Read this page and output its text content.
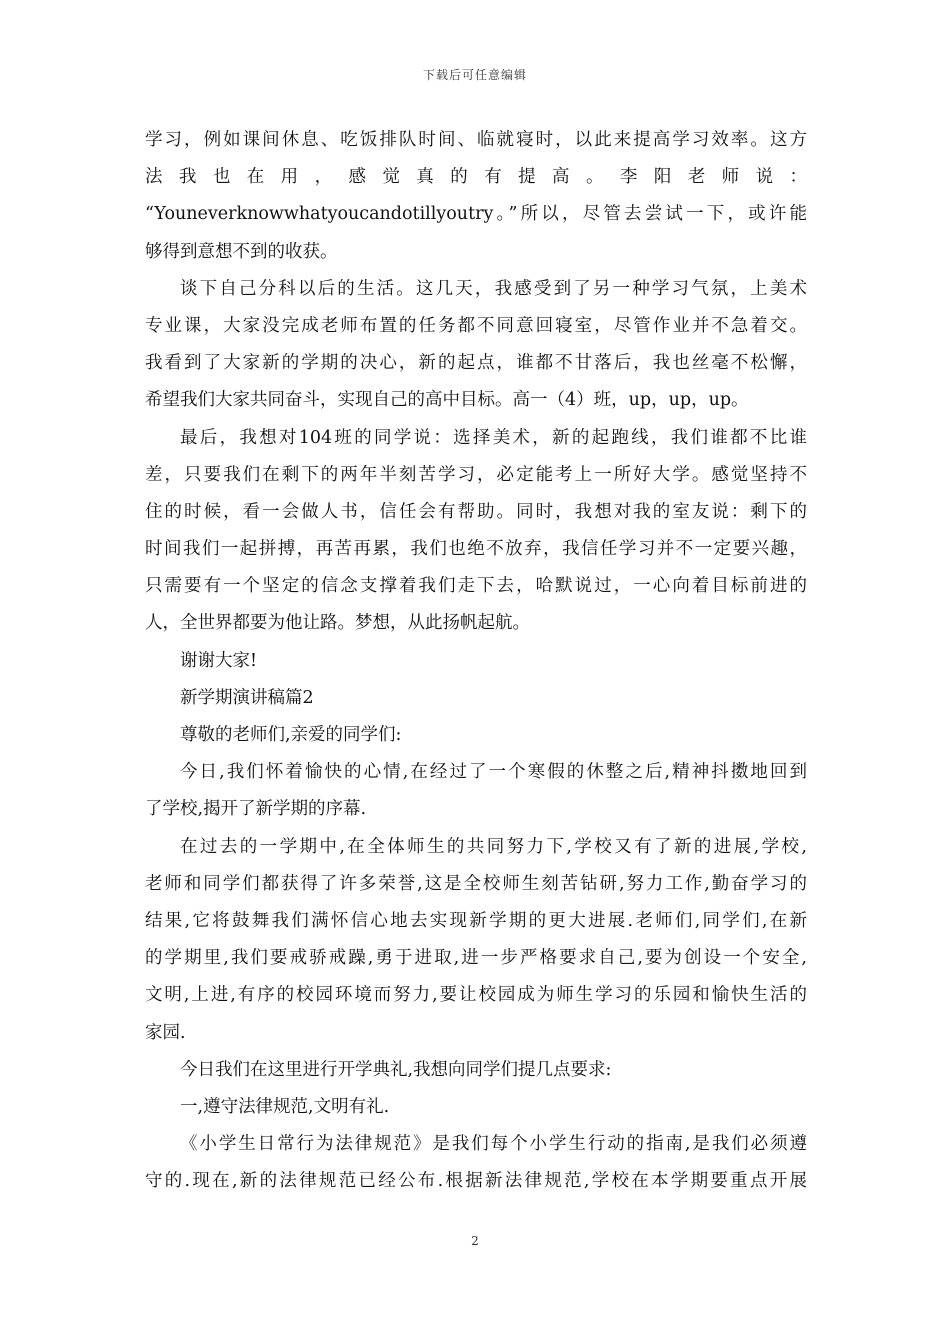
下载后可任意编辑
学习，例如课间休息、吃饭排队时间、临就寝时，以此来提高学习效率。这方
法我也在用，感觉真的有提高。李阳老师说：
“Youneverknowwhatyoucandotillyoutry。”所以，尽管去尝试一下，或许能
够得到意想不到的收获。
谈下自己分科以后的生活。这几天，我感受到了另一种学习气氛，上美术
专业课，大家没完成老师布置的任务都不同意回寝室，尽管作业并不急着交。
我看到了大家新的学期的决心，新的起点，谁都不甘落后，我也丝毫不松懈，
希望我们大家共同奋斗，实现自己的高中目标。高一（4）班，up，up，up。
最后，我想对104班的同学说：选择美术，新的起跑线，我们谁都不比谁
差，只要我们在剩下的两年半刻苦学习，必定能考上一所好大学。感觉坚持不
住的时候，看一会做人书，信任会有帮助。同时，我想对我的室友说：剩下的
时间我们一起拼搏，再苦再累，我们也绝不放弃，我信任学习并不一定要兴趣，
只需要有一个坚定的信念支撑着我们走下去，哈默说过，一心向着目标前进的
人，全世界都要为他让路。梦想，从此扬帆起航。
谢谢大家!
新学期演讲稿篇2
尊敬的老师们,亲爱的同学们:
今日,我们怀着愉快的心情,在经过了一个寒假的休整之后,精神抖擞地回到
了学校,揭开了新学期的序幕.
在过去的一学期中,在全体师生的共同努力下,学校又有了新的进展,学校,
老师和同学们都获得了许多荣誉,这是全校师生刻苦钻研,努力工作,勤奋学习的
结果,它将鼓舞我们满怀信心地去实现新学期的更大进展.老师们,同学们,在新
的学期里,我们要戒骄戒躁,勇于进取,进一步严格要求自己,要为创设一个安全,
文明,上进,有序的校园环境而努力,要让校园成为师生学习的乐园和愉快生活的
家园.
今日我们在这里进行开学典礼,我想向同学们提几点要求:
一,遵守法律规范,文明有礼.
《小学生日常行为法律规范》是我们每个小学生行动的指南,是我们必须遵
守的.现在,新的法律规范已经公布.根据新法律规范,学校在本学期要重点开展
2
